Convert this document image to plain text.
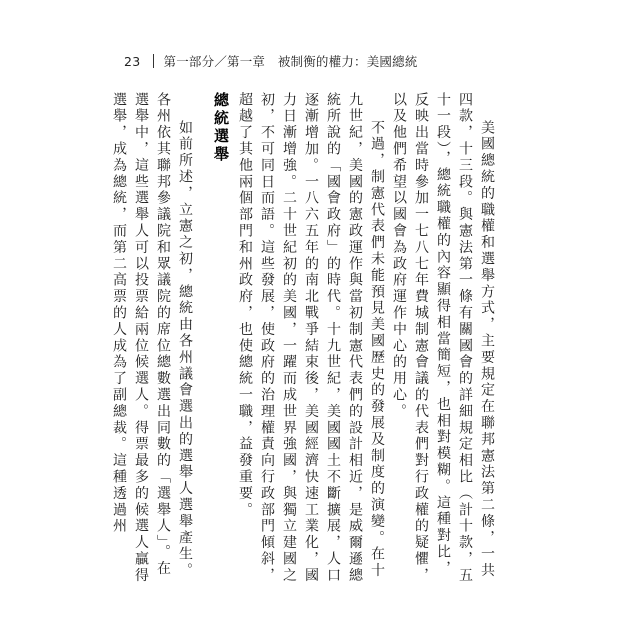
23 第一部分／第一章　被制衡的權力：美國總統

美國總統的職權和選舉方式，主要規定在聯邦憲法第二條，一共四款，十三段。與憲法第一條有關國會的詳細規定相比（計十款，五十一段），總統職權的內容顯得相當簡短，也相對模糊。這種對比，反映出當時參加一七八七年費城制憲會議的代表們對行政權的疑懼，以及他們希望以國會為政府運作中心的用心。

不過，制憲代表們未能預見美國歷史的發展及制度的演變。在十九世紀，美國的憲政運作與當初制憲代表們的設計相近，是威爾遜總統所說的「國會政府」的時代。十九世紀，美國國土不斷擴展，人口逐漸增加。一八六五年的南北戰爭結束後，美國經濟快速工業化，國力日漸增強。二十世紀初的美國，一躍而成世界強國，與獨立建國之初，不可同日而語。這些發展，使政府的治理權責向行政部門傾斜，超越了其他兩個部門和州政府，也使總統一職，益發重要。

總統選舉

如前所述，立憲之初，總統由各州議會選出的選舉人選舉產生。各州依其聯邦參議院和眾議院的席位總數選出同數的「選舉人」。在選舉中，這些選舉人可以投票給兩位候選人。得票最多的候選人贏得選舉，成為總統，而第二高票的人成為了副總裁。這種透過州
